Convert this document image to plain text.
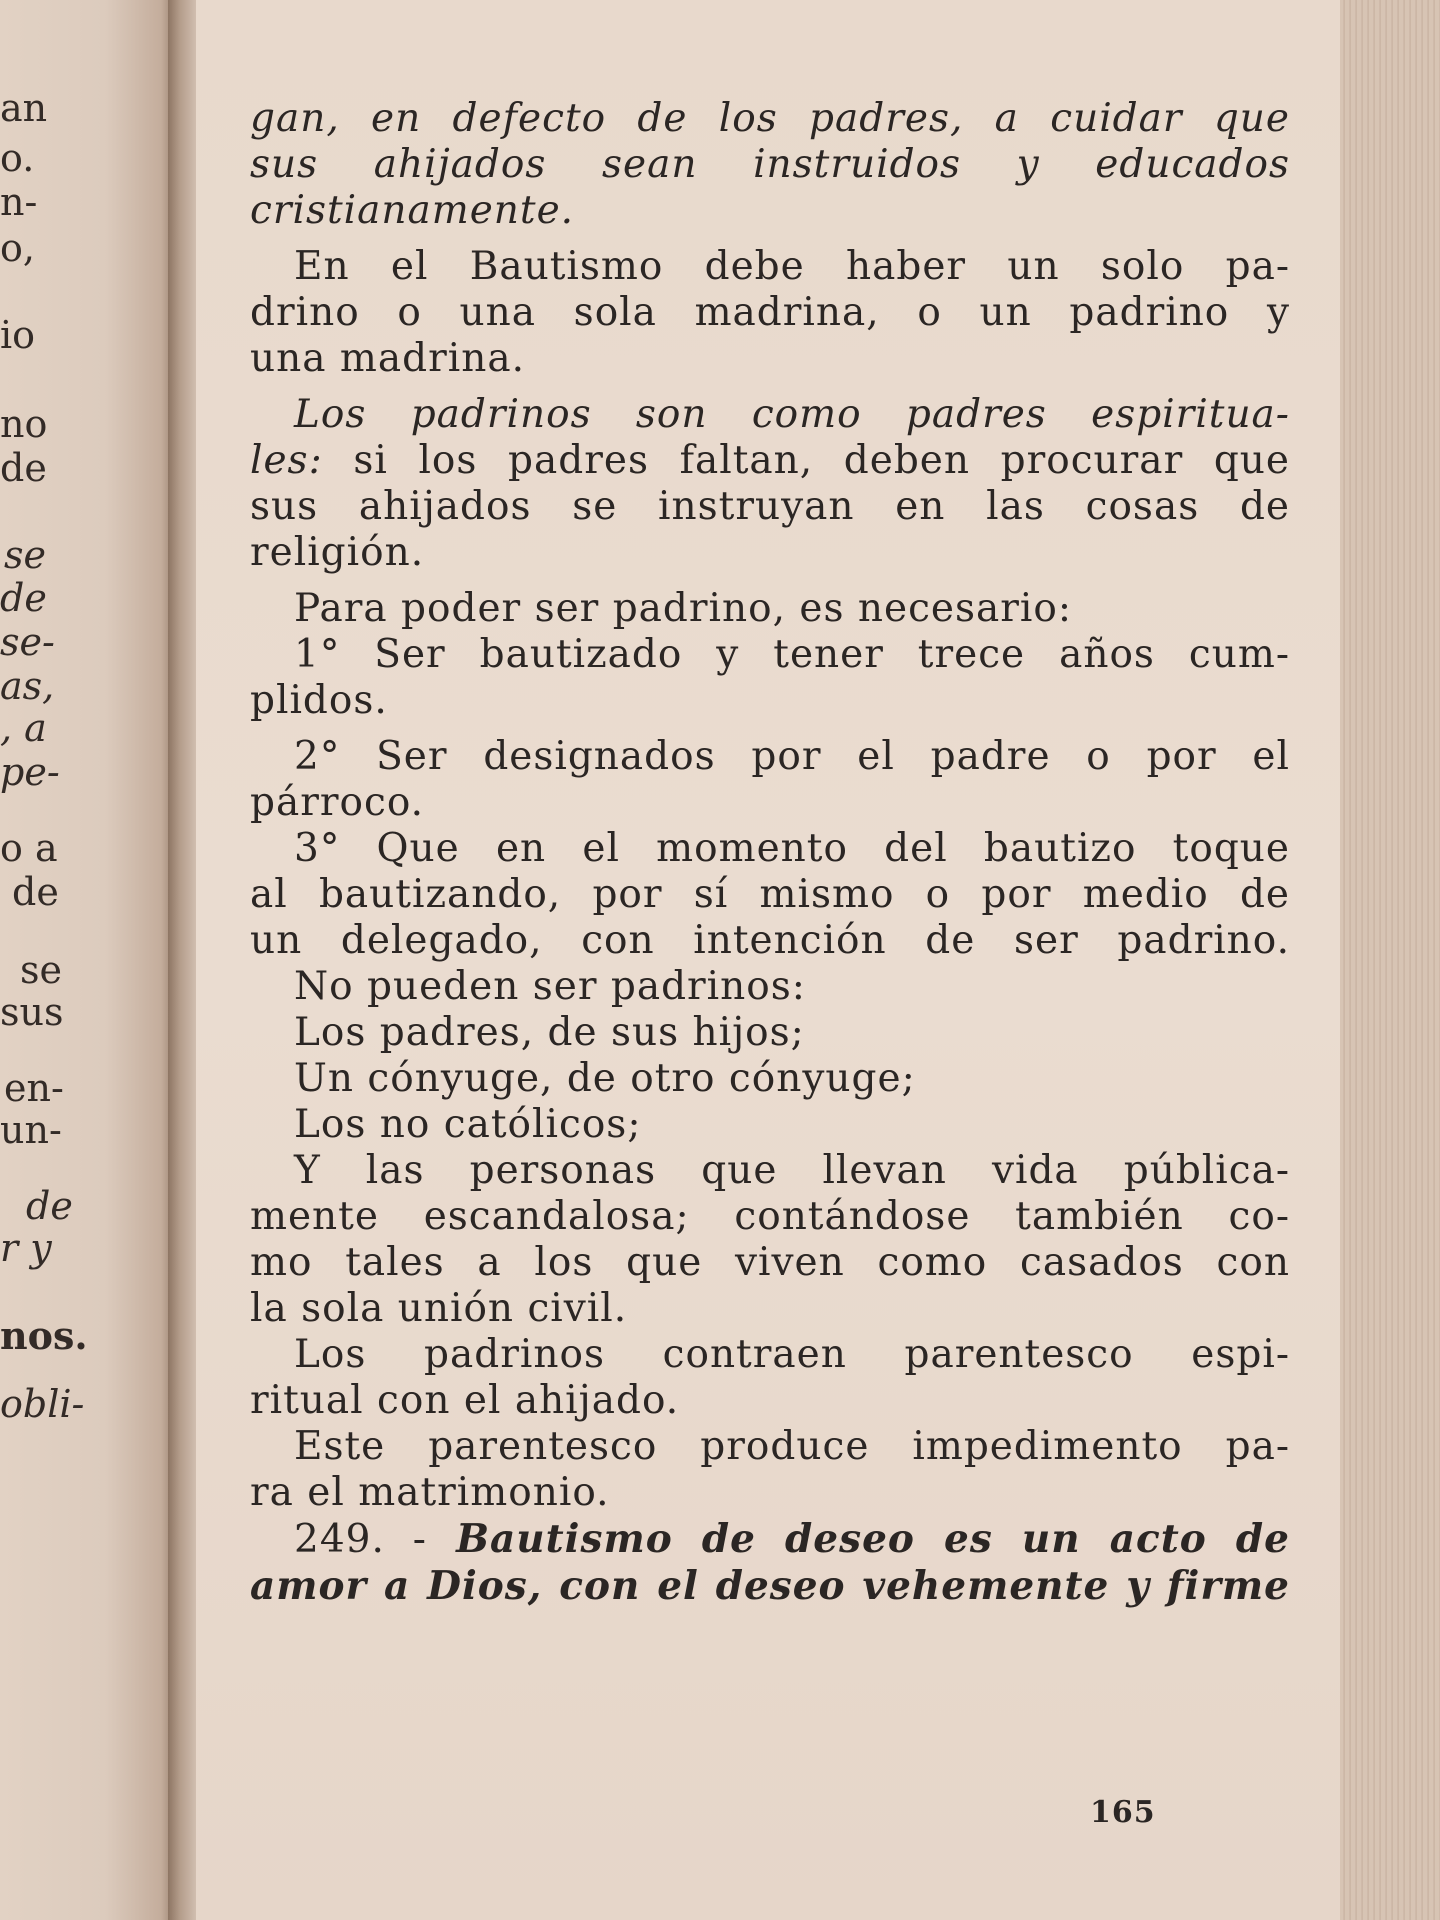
an
o.
n-
o,
io
no
de
se
de
se-
as,
, a
pe-
o a
de
se
sus
en-
un-
de
r y
nos.
obli-
gan, en defecto de los padres, a cuidar que
sus ahijados sean instruidos y educados
cristianamente.
En el Bautismo debe haber un solo pa-
drino o una sola madrina, o un padrino y
una madrina.
Los padrinos son como padres espiritua-
les: si los padres faltan, deben procurar que
sus ahijados se instruyan en las cosas de
religión.
Para poder ser padrino, es necesario:
1° Ser bautizado y tener trece años cum-
plidos.
2° Ser designados por el padre o por el
párroco.
3° Que en el momento del bautizo toque
al bautizando, por sí mismo o por medio de
un delegado, con intención de ser padrino.
No pueden ser padrinos:
Los padres, de sus hijos;
Un cónyuge, de otro cónyuge;
Los no católicos;
Y las personas que llevan vida pública-
mente escandalosa; contándose también co-
mo tales a los que viven como casados con
la sola unión civil.
Los padrinos contraen parentesco espi-
ritual con el ahijado.
Este parentesco produce impedimento pa-
ra el matrimonio.
249. - Bautismo de deseo es un acto de
amor a Dios, con el deseo vehemente y firme
165
